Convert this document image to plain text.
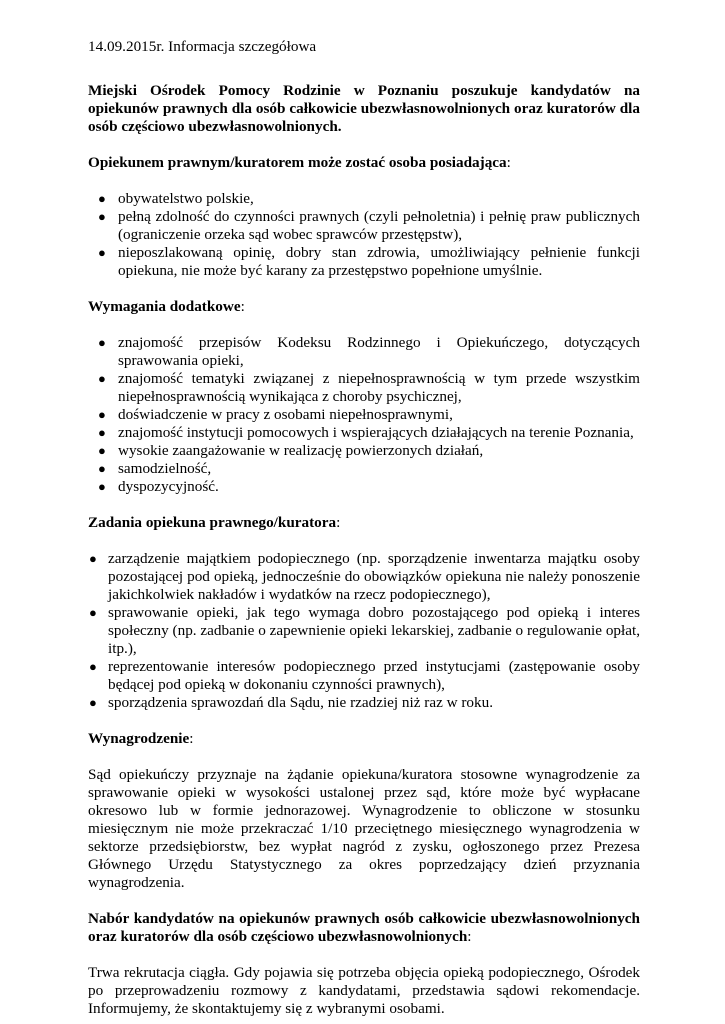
14.09.2015r. Informacja szczegółowa

Miejski Ośrodek Pomocy Rodzinie w Poznaniu poszukuje kandydatów na opiekunów prawnych dla osób całkowicie ubezwłasnowolnionych oraz kuratorów dla osób częściowo ubezwłasnowolnionych.

Opiekunem prawnym/kuratorem może zostać osoba posiadająca:

● obywatelstwo polskie,
● pełną zdolność do czynności prawnych (czyli pełnoletnia) i pełnię praw publicznych (ograniczenie orzeka sąd wobec sprawców przestępstw),
● nieposzlakowaną opinię, dobry stan zdrowia, umożliwiający pełnienie funkcji opiekuna, nie może być karany za przestępstwo popełnione umyślnie.

Wymagania dodatkowe:

● znajomość przepisów Kodeksu Rodzinnego i Opiekuńczego, dotyczących sprawowania opieki,
● znajomość tematyki związanej z niepełnosprawnością w tym przede wszystkim niepełnosprawnością wynikająca z choroby psychicznej,
● doświadczenie w pracy z osobami niepełnosprawnymi,
● znajomość instytucji pomocowych i wspierających działających na terenie Poznania,
● wysokie zaangażowanie w realizację powierzonych działań,
● samodzielność,
● dyspozycyjność.

Zadania opiekuna prawnego/kuratora:

● zarządzenie majątkiem podopiecznego (np. sporządzenie inwentarza majątku osoby pozostającej pod opieką, jednocześnie do obowiązków opiekuna nie należy ponoszenie jakichkolwiek nakładów i wydatków na rzecz podopiecznego),
● sprawowanie opieki, jak tego wymaga dobro pozostającego pod opieką i interes społeczny (np. zadbanie o zapewnienie opieki lekarskiej, zadbanie o regulowanie opłat, itp.),
● reprezentowanie interesów podopiecznego przed instytucjami (zastępowanie osoby będącej pod opieką w dokonaniu czynności prawnych),
● sporządzenia sprawozdań dla Sądu, nie rzadziej niż raz w roku.

Wynagrodzenie:

Sąd opiekuńczy przyznaje na żądanie opiekuna/kuratora stosowne wynagrodzenie za sprawowanie opieki w wysokości ustalonej przez sąd, które może być wypłacane okresowo lub w formie jednorazowej. Wynagrodzenie to obliczone w stosunku miesięcznym nie może przekraczać 1/10 przeciętnego miesięcznego wynagrodzenia w sektorze przedsiębiorstw, bez wypłat nagród z zysku, ogłoszonego przez Prezesa Głównego Urzędu Statystycznego za okres poprzedzający dzień przyznania wynagrodzenia.

Nabór kandydatów na opiekunów prawnych osób całkowicie ubezwłasnowolnionych oraz kuratorów dla osób częściowo ubezwłasnowolnionych:

Trwa rekrutacja ciągła. Gdy pojawia się potrzeba objęcia opieką podopiecznego, Ośrodek po przeprowadzeniu rozmowy z kandydatami, przedstawia sądowi rekomendacje. Informujemy, że skontaktujemy się z wybranymi osobami.
